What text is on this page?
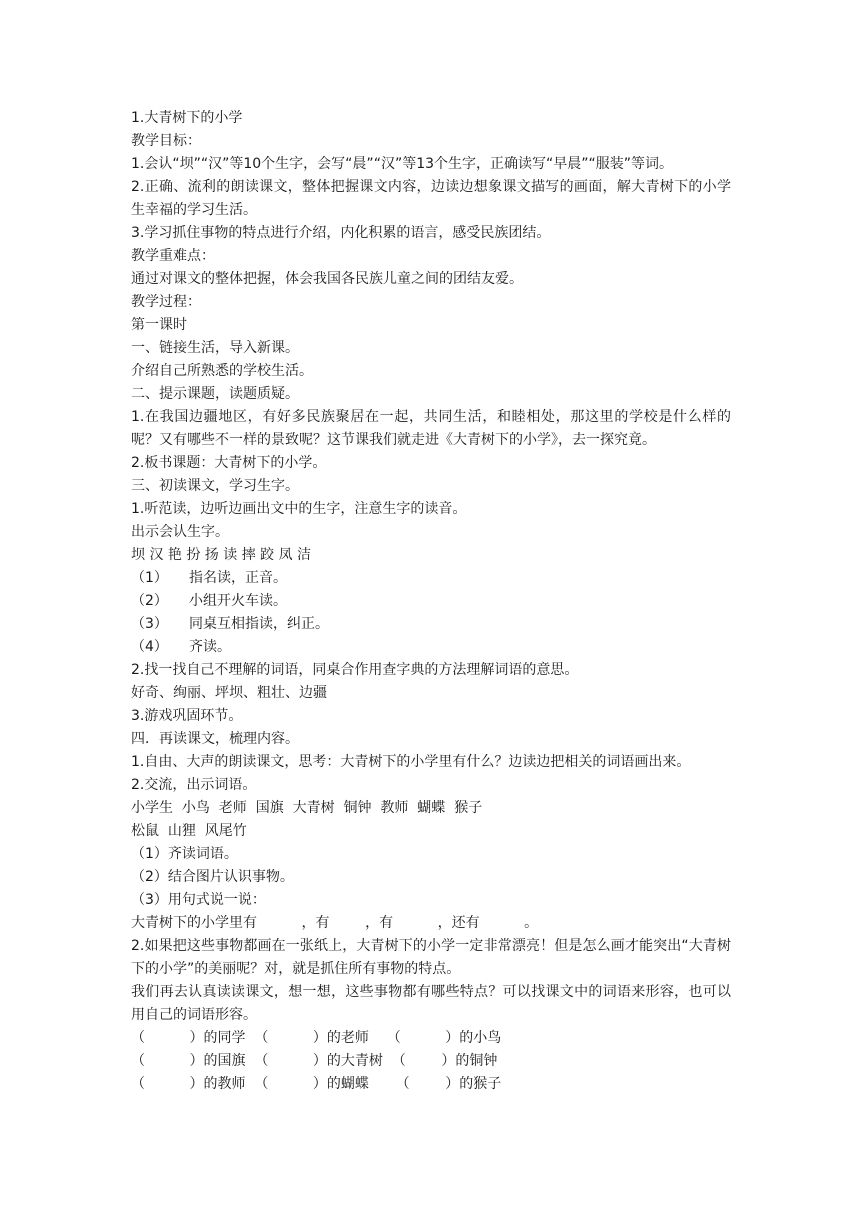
1.大青树下的小学

教学目标：

1.会认“坝”“汉”等10个生字，会写“晨”“汉”等13个生字，正确读写“早晨”“服装”等词。

2.正确、流利的朗读课文，整体把握课文内容，边读边想象课文描写的画面，解大青树下的小学生幸福的学习生活。

3.学习抓住事物的特点进行介绍，内化积累的语言，感受民族团结。

教学重难点：

通过对课文的整体把握，体会我国各民族儿童之间的团结友爱。

教学过程：

第一课时

一、链接生活，导入新课。

介绍自己所熟悉的学校生活。

二、提示课题，读题质疑。

1.在我国边疆地区，有好多民族聚居在一起，共同生活，和睦相处，那这里的学校是什么样的呢？又有哪些不一样的景致呢？这节课我们就走进《大青树下的小学》，去一探究竟。

2.板书课题：大青树下的小学。

三、初读课文，学习生字。

1.听范读，边听边画出文中的生字，注意生字的读音。

出示会认生字。

坝 汉 艳 扮 扬 读 摔 跤 凤 洁

（1） 指名读，正音。

（2） 小组开火车读。

（3） 同桌互相指读，纠正。

（4） 齐读。

2.找一找自己不理解的词语，同桌合作用查字典的方法理解词语的意思。

好奇、绚丽、坪坝、粗壮、边疆

3.游戏巩固环节。

四．再读课文，梳理内容。

1.自由、大声的朗读课文，思考：大青树下的小学里有什么？边读边把相关的词语画出来。

2.交流，出示词语。

小学生  小鸟  老师  国旗  大青树  铜钟  教师  蝴蝶  猴子

松鼠  山狸  风尾竹

（1）齐读词语。

（2）结合图片认识事物。

（3）用句式说一说：

大青树下的小学里有          ，有        ，有          ，还有          。

2.如果把这些事物都画在一张纸上，大青树下的小学一定非常漂亮！但是怎么画才能突出“大青树下的小学”的美丽呢？对，就是抓住所有事物的特点。

我们再去认真读读课文，想一想，这些事物都有哪些特点？可以找课文中的词语来形容，也可以用自己的词语形容。

（          ）的同学  （          ）的老师    （          ）的小鸟

（          ）的国旗  （          ）的大青树  （        ）的铜钟

（          ）的教师  （          ）的蝴蝶      （        ）的猴子
